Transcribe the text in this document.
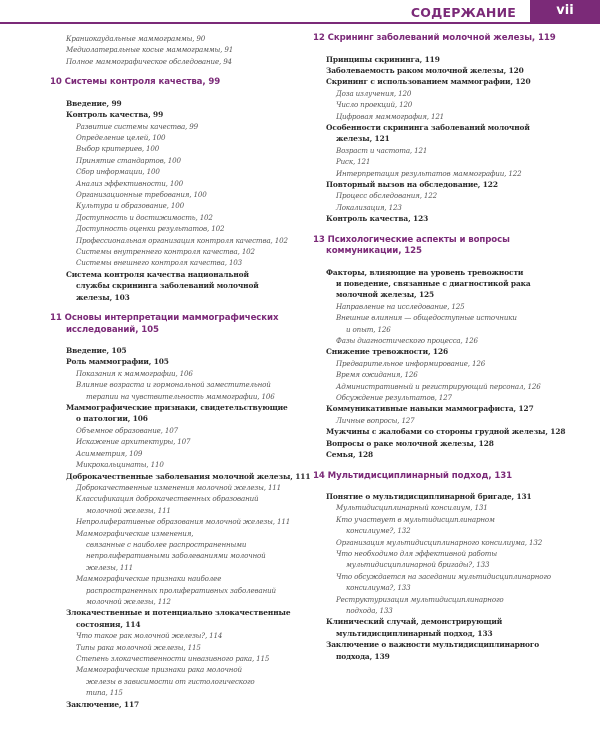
СОДЕРЖАНИЕ	vii
Краниокаудальные маммограммы, 90
Медиолатеральные косые маммограммы, 91
Полное маммографическое обследование, 94
10 Системы контроля качества, 99
Введение, 99
Контроль качества, 99
Развитие системы качества, 99
Определение целей, 100
Выбор критериев, 100
Принятие стандартов, 100
Сбор информации, 100
Анализ эффективности, 100
Организационные требования, 100
Культура и образование, 100
Доступность и достижимость, 102
Доступность оценки результатов, 102
Профессиональная организация контроля качества, 102
Системы внутреннего контроля качества, 102
Системы внешнего контроля качества, 103
Система контроля качества национальной
службы скрининга заболеваний молочной
железы, 103
11 Основы интерпретации маммографических
исследований, 105
Введение, 105
Роль маммографии, 105
Показания к маммографии, 106
Влияние возраста и гормональной заместительной
терапии на чувствительность маммографии, 106
Маммографические признаки, свидетельствующие
о патологии, 106
Объемное образование, 107
Искажение архитектуры, 107
Асимметрия, 109
Микрокальцинаты, 110
Доброкачественные заболевания молочной железы, 111
Доброкачественные изменения молочной железы, 111
Классификация доброкачественных образований
молочной железы, 111
Непролиферативные образования молочной железы, 111
Маммографические изменения,
связанные с наиболее распространенными
непролиферативными заболеваниями молочной
железы, 111
Маммографические признаки наиболее
распространенных пролиферативных заболеваний
молочной железы, 112
Злокачественные и потенциально злокачественные
состояния, 114
Что такое рак молочной железы?, 114
Типы рака молочной железы, 115
Степень злокачественности инвазивного рака, 115
Маммографические признаки рака молочной
железы в зависимости от гистологического
типа, 115
Заключение, 117
12 Скрининг заболеваний молочной железы, 119
Принципы скрининга, 119
Заболеваемость раком молочной железы, 120
Скрининг с использованием маммографии, 120
Доза излучения, 120
Число проекций, 120
Цифровая маммография, 121
Особенности скрининга заболеваний молочной
железы, 121
Возраст и частота, 121
Риск, 121
Интерпретация результатов маммографии, 122
Повторный вызов на обследование, 122
Процесс обследования, 122
Локализация, 123
Контроль качества, 123
13 Психологические аспекты и вопросы
коммуникации, 125
Факторы, влияющие на уровень тревожности
и поведение, связанные с диагностикой рака
молочной железы, 125
Направление на исследование, 125
Внешние влияния — общедоступные источники
и опыт, 126
Фазы диагностического процесса, 126
Снижение тревожности, 126
Предварительное информирование, 126
Время ожидания, 126
Административный и регистрирующий персонал, 126
Обсуждение результатов, 127
Коммуникативные навыки маммографиста, 127
Личные вопросы, 127
Мужчины с жалобами со стороны грудной железы, 128
Вопросы о раке молочной железы, 128
Семья, 128
14 Мультидисциплинарный подход, 131
Понятие о мультидисциплинарной бригаде, 131
Мультидисциплинарный консилиум, 131
Кто участвует в мультидисциплинарном
консилиуме?, 132
Организация мультидисциплинарного консилиума, 132
Что необходимо для эффективной работы
мультидисциплинарной бригады?, 133
Что обсуждается на заседании мультидисциплинарного
консилиума?, 133
Реструктуризация мультидисциплинарного
подхода, 133
Клинический случай, демонстрирующий
мультидисциплинарный подход, 133
Заключение о важности мультидисциплинарного
подхода, 139
